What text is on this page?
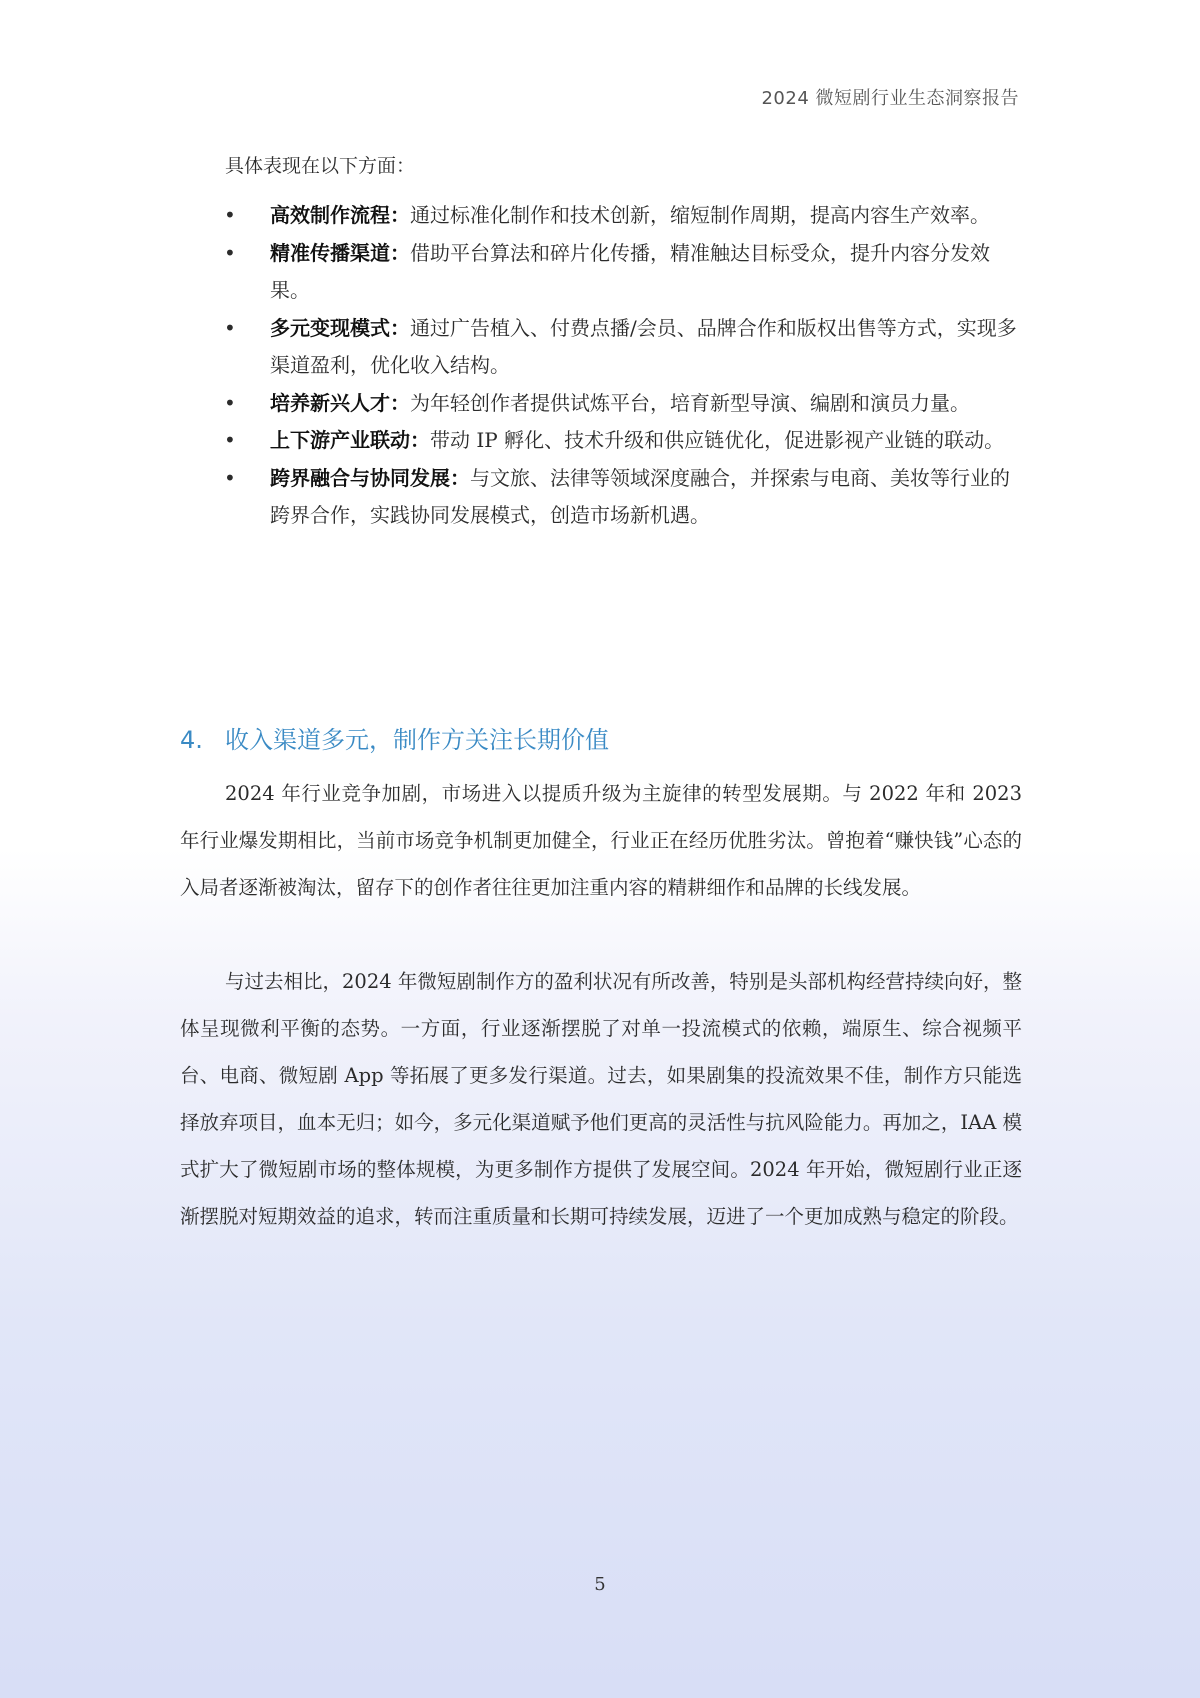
2024 微短剧行业生态洞察报告
具体表现在以下方面：
• 高效制作流程：通过标准化制作和技术创新，缩短制作周期，提高内容生产效率。
• 精准传播渠道：借助平台算法和碎片化传播，精准触达目标受众，提升内容分发效果。
• 多元变现模式：通过广告植入、付费点播/会员、品牌合作和版权出售等方式，实现多渠道盈利，优化收入结构。
• 培养新兴人才：为年轻创作者提供试炼平台，培育新型导演、编剧和演员力量。
• 上下游产业联动：带动 IP 孵化、技术升级和供应链优化，促进影视产业链的联动。
• 跨界融合与协同发展：与文旅、法律等领域深度融合，并探索与电商、美妆等行业的跨界合作，实践协同发展模式，创造市场新机遇。
4. 收入渠道多元，制作方关注长期价值

2024 年行业竞争加剧，市场进入以提质升级为主旋律的转型发展期。与 2022 年和 2023 年行业爆发期相比，当前市场竞争机制更加健全，行业正在经历优胜劣汰。曾抱着“赚快钱”心态的入局者逐渐被淘汰，留存下的创作者往往更加注重内容的精耕细作和品牌的长线发展。

与过去相比，2024 年微短剧制作方的盈利状况有所改善，特别是头部机构经营持续向好，整体呈现微利平衡的态势。一方面，行业逐渐摆脱了对单一投流模式的依赖，端原生、综合视频平台、电商、微短剧 App 等拓展了更多发行渠道。过去，如果剧集的投流效果不佳，制作方只能选择放弃项目，血本无归；如今，多元化渠道赋予他们更高的灵活性与抗风险能力。再加之，IAA 模式扩大了微短剧市场的整体规模，为更多制作方提供了发展空间。2024 年开始，微短剧行业正逐渐摆脱对短期效益的追求，转而注重质量和长期可持续发展，迈进了一个更加成熟与稳定的阶段。

5
